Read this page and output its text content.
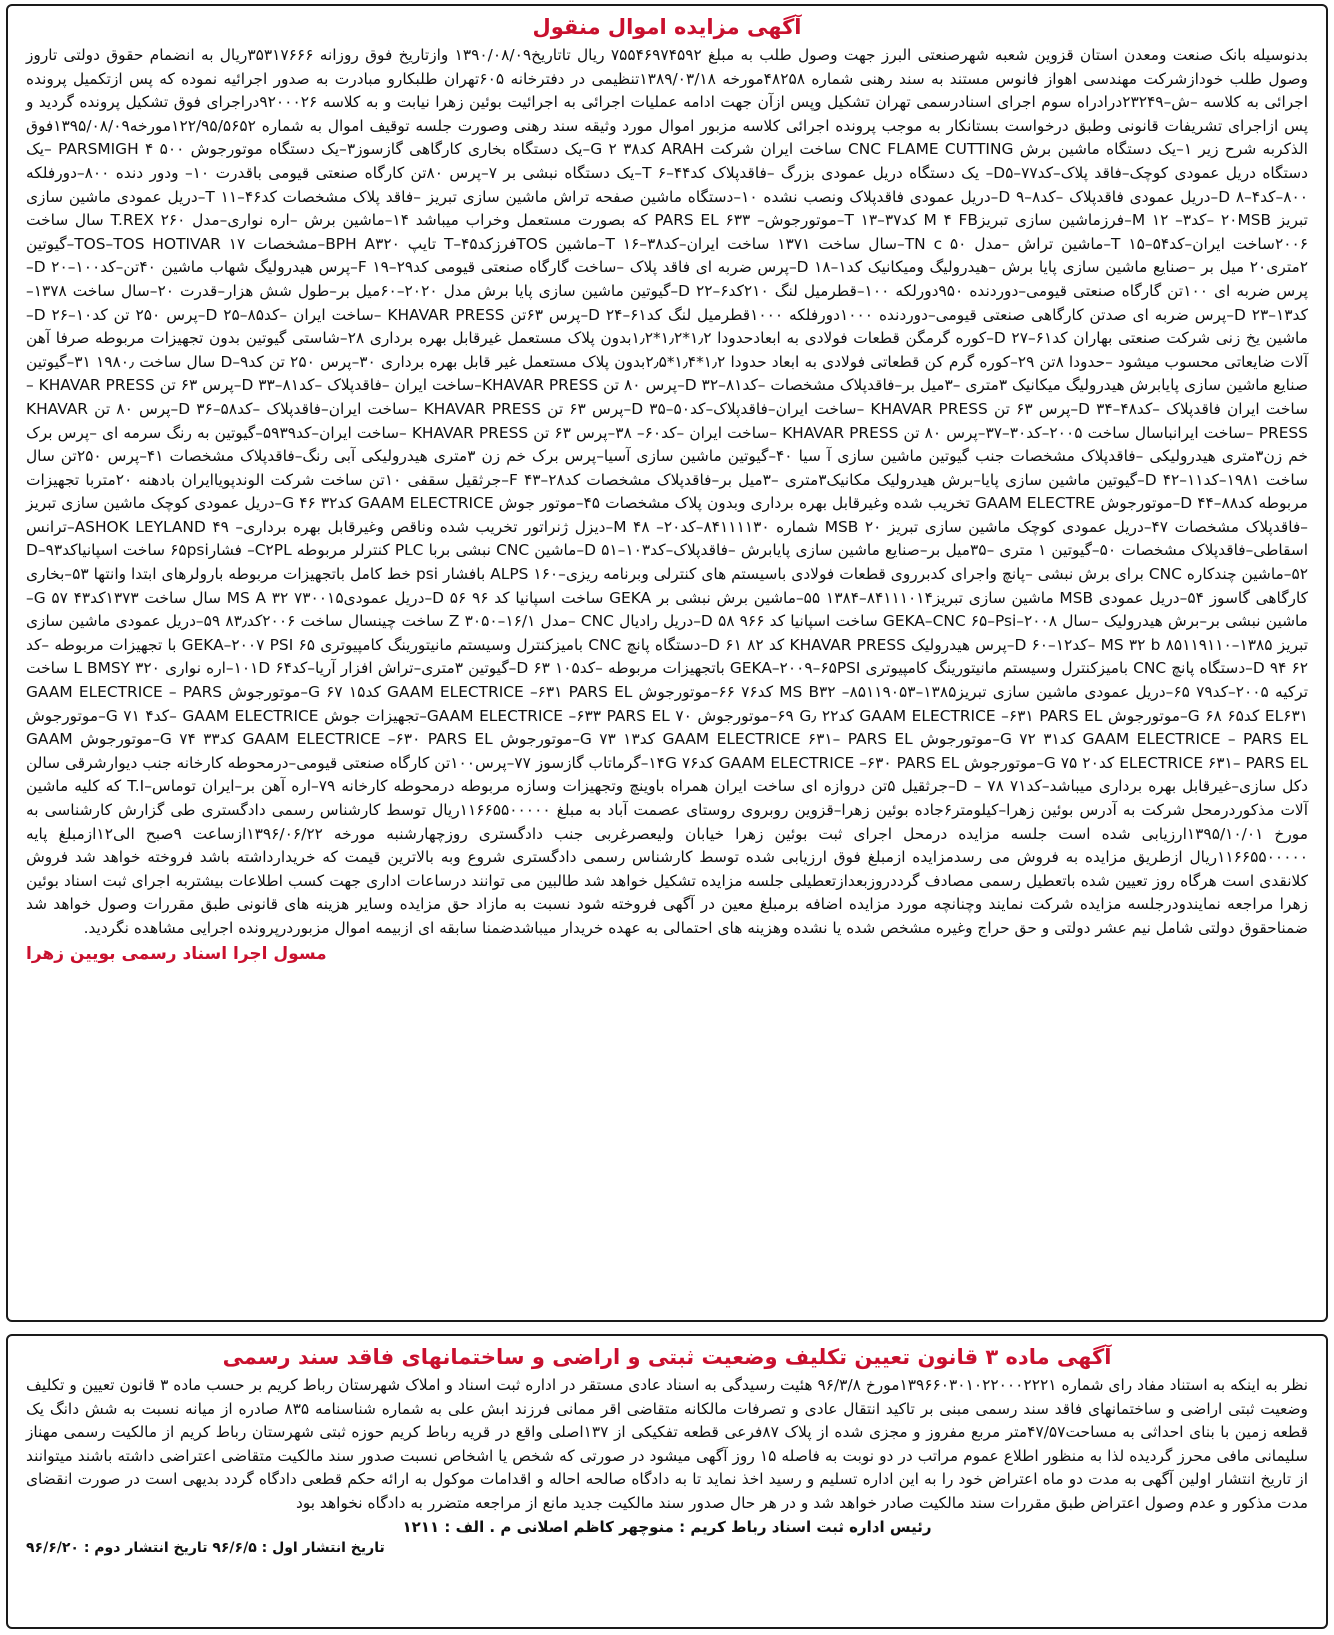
آگهی مزایده اموال منقول

بدنوسیله بانک صنعت ومعدن استان قزوین شعبه شهرصنعتی البرز جهت وصول طلب به مبلغ ۷۵۵۴۶۹۷۴۵۹۲ ریال تاتاریخ۱۳۹۰/۰۸/۰۹ وازتاریخ فوق روزانه ۳۵۳۱۷۶۶۶ریال به انضمام حقوق دولتی تاروز وصول طلب خودازشرکت مهندسی اهواز فانوس مستند به سند رهنی شماره ۴۸۲۵۸مورخه ۱۳۸۹/۰۳/۱۸تنظیمی در دفترخانه ۶۰۵تهران طلبکارو مبادرت به صدور اجرائیه نموده که پس ازتکمیل پرونده اجرائی به کلاسه –ش–۲۳۲۴۹درادراه سوم اجرای اسنادرسمی تهران تشکیل وپس ازآن جهت ادامه عملیات اجرائی به اجرائیت بوئین زهرا نیابت و به کلاسه ۹۲۰۰۰۲۶دراجرای فوق تشکیل پرونده گردید و پس ازاجرای تشریفات قانونی وطبق درخواست بستانکار به موجب پرونده اجرائی کلاسه مزبور اموال مورد وثیقه سند رهنی وصورت جلسه توقیف اموال به شماره ۱۲۲/۹۵/۵۶۵۲مورخه۱۳۹۵/۰۸/۰۹فوق الذکربه شرح زیر ۱–یک دستگاه ماشین برش CNC FLAME CUTTING ساخت ایران شرکت ARAH کد۳۸ G ۲–یک دستگاه بخاری کارگاهی گازسوز۳–یک دستگاه موتورجوش ۵۰۰ PARSMIGH ۴ –یک دستگاه دریل عمودی کوچک–فاقد پلاک–کد۷۷–D۵– یک دستگاه دریل عمودی بزرگ –فاقدپلاک کد۴۴–T ۶–یک دستگاه نبشی بر ۷–پرس ۸۰تن کارگاه صنعتی قیومی باقدرت ۱۰– ودور دنده ۸۰۰–دورفلکه ۸۰۰–کد۴–D ۸–دریل عمودی فاقدپلاک –کد۸–D ۹–دریل عمودی فاقدپلاک ونصب نشده ۱۰–دستگاه ماشین صفحه تراش ماشین سازی تبریز –فاقد پلاک مشخصات کد۴۶–T ۱۱–دریل عمودی ماشین سازی تبریز ۲۰MSB –کد۳– M ۱۲–فرزماشین سازی تبریزM ۴ FB کد۳۷–T ۱۳–موتورجوش– ۶۳۳ PARS EL که بصورت مستعمل وخراب میباشد ۱۴–ماشین برش –اره نواری–مدل ۲۶۰ T.REX سال ساخت ۲۰۰۶ساخت ایران–کد۵۴–T ۱۵–ماشین تراش –مدل TN c ۵۰–سال ساخت ۱۳۷۱ ساخت ایران–کد۳۸–T ۱۶–ماشین TOSفرزکد۴۵–T تایپ BPH A۳۲۰–مشخصات TOS–TOS HOTIVAR ۱۷–گیوتین ۲متری۲۰ میل بر –صنایع ماشین سازی پایا برش –هیدرولیگ ومیکانیک کد۱–D ۱۸–پرس ضربه ای فاقد پلاک –ساخت گارگاه صنعتی قیومی کد۲۹–F ۱۹–پرس هیدرولیگ شهاب ماشین ۴۰تن–کد۱۰۰–D ۲۰–پرس ضربه ای ۱۰۰تن گارگاه صنعتی قیومی–دوردنده ۹۵۰دورلکه ۱۰۰–قطرمیل لنگ ۲۱۰کد۶–D ۲۲–گیوتین ماشین سازی پایا برش مدل ۲۰۲۰–۶۰میل بر–طول شش هزار–قدرت ۲۰–سال ساخت ۱۳۷۸–کد۱۳–D ۲۳–پرس ضربه ای صدتن کارگاهی صنعتی قیومی–دوردنده ۱۰۰۰دورفلکه ۱۰۰۰قطرمیل لنگ کد۶۱–D ۲۴–پرس ۶۳تن KHAVAR PRESS –ساخت ایران –کد۸۵–D ۲۵–پرس ۲۵۰ تن کد۱۰–D ۲۶–ماشین یخ زنی شرکت صنعتی بهاران کد۶۱–D ۲۷–کوره گرمگن قطعات فولادی به ابعادحدودا ۱٫۲*۱٫۲*۱٫۲بدون پلاک مستعمل غیرقابل بهره برداری ۲۸–شاستی گیوتین بدون تجهیزات مربوطه صرفا آهن آلات ضایعاتی محسوب میشود –حدودا ۸تن ۲۹–کوره گرم کن قطعاتی فولادی به ابعاد حدودا ۱٫۲*۱٫۴*۲٫۵بدون پلاک مستعمل غیر قابل بهره برداری ۳۰–پرس ۲۵۰ تن کد۹–D سال ساخت ۱۹۸۰٫ ۳۱–گیوتین صنایع ماشین سازی پایابرش هیدرولیگ میکانیک ۳متری –۳میل بر–فاقدپلاک مشخصات –کد۸۱–D ۳۲–پرس ۸۰ تن KHAVAR PRESS–ساخت ایران –فاقدپلاک –کد۸۱–D ۳۳–پرس ۶۳ تن KHAVAR PRESS –ساخت ایران فاقدپلاک –کد۴۸–D ۳۴–پرس ۶۳ تن KHAVAR PRESS –ساخت ایران–فاقدپلاک–کد۵۰–D ۳۵–پرس ۶۳ تن KHAVAR PRESS –ساخت ایران–فاقدپلاک –کد۵۸–D ۳۶–پرس ۸۰ تن KHAVAR PRESS –ساخت ایرانباسال ساخت ۲۰۰۵–کد۳۰–۳۷–پرس ۸۰ تن KHAVAR PRESS –ساخت ایران –کد۶۰– ۳۸–پرس ۶۳ تن KHAVAR PRESS –ساخت ایران–کد۵۹۳۹–گیوتین به رنگ سرمه ای –پرس برک خم زن۳متری هیدرولیکی –فاقدپلاک مشخصات جنب گیوتین ماشین سازی آ سیا ۴۰–گیوتین ماشین سازی آسیا–پرس برک خم زن ۳متری هیدرولیکی آبی رنگ–فاقدپلاک مشخصات ۴۱–پرس ۲۵۰تن سال ساخت ۱۹۸۱–کد۱۱–D ۴۲–گیوتین ماشین سازی پایا–برش هیدرولیک مکانیک۳متری –۳میل بر–فاقدپلاک مشخصات کد۲۸–F ۴۳–جرثقیل سقفی ۱۰تن ساخت شرکت الوندپویاایران بادهنه ۲۰متربا تجهیزات مربوطه کد۸۸–D ۴۴–موتورجوش GAAM ELECTRE تخریب شده وغیرقابل بهره برداری وبدون پلاک مشخصات ۴۵–موتور جوش GAAM ELECTRICE کد۳۲ G ۴۶–دریل عمودی کوچک ماشین سازی تبریز –فاقدپلاک مشخصات ۴۷–دریل عمودی کوچک ماشین سازی تبریز ۲۰ MSB شماره ۸۴۱۱۱۱۳۰–کد۲۰– M ۴۸–دیزل ژنراتور تخریب شده وناقص وغیرقابل بهره برداری– ASHOK LEYLAND ۴۹–ترانس اسقاطی–فاقدپلاک مشخصات ۵۰–گیوتین ۱ متری –۳۵میل بر–صنایع ماشین سازی پایابرش –فاقدپلاک–کد۱۰۳–D ۵۱–ماشین CNC نبشی بربا PLC کنترلر مربوطه C۲PL– فشار۶۵psi ساخت اسپانیاکد۹۳–D ۵۲–ماشین چندکاره CNC برای برش نبشی –پانچ واجرای کدبرروی قطعات فولادی باسیستم های کنترلی وبرنامه ریزی–۱۶۰ ALPS بافشار psi خط کامل باتجهیزات مربوطه بارولرهای ابتدا وانتها ۵۳–بخاری کارگاهی گاسوز ۵۴–دریل عمودی MSB ماشین سازی تبریز۸۴۱۱۱۰۱۴–۱۳۸۴ ۵۵–ماشین برش نبشی بر GEKA ساخت اسپانیا کد ۹۶ D ۵۶–دریل عمودی۷۳۰۰۱۵ MS A ۳۲ سال ساخت ۱۳۷۳کد۴۳ G ۵۷–ماشین نبشی بر–برش هیدرولیک –سال ۲۰۰۸–GEKA–CNC ۶۵–Psi ساخت اسپانیا کد ۹۶۶ D ۵۸–دریل رادیال CNC –مدل ۱۶/۱–۳۰۵۰ Z ساخت چینسال ساخت ۲۰۰۶کد۸۳٫ ۵۹–دریل عمودی ماشین سازی تبریز ۱۳۸۵–۸۵۱۱۹۱۱۰ MS ۳۲ b –کد۱۲–D ۶۰–پرس هیدرولیک KHAVAR PRESS کد ۸۲ D ۶۱–دستگاه پانچ CNC بامیزکنترل وسیستم مانیتورینگ کامپیوتری GEKA–۲۰۰۷ PSI ۶۵ با تجهیزات مربوطه –کد D ۹۴ ۶۲–دستگاه پانچ CNC بامیزکنترل وسیستم مانیتورینگ کامپیوتری GEKA–۲۰۰۹–۶۵PSI باتجهیزات مربوطه –کد۱۰۵ D ۶۳–گیوتین ۳متری–تراش افزار آریا–کد۱۰۱D ۶۴–اره نواری ۳۲۰ L BMSY ساخت ترکیه ۲۰۰۵–کد۷۹ ۶۵–دریل عمودی ماشین سازی تبریز۱۳۸۵–۸۵۱۱۹۰۵۳– MS B۳۲ کد۷۶ ۶۶–موتورجوش GAAM ELECTRICE –۶۳۱ PARS EL کد۱۵ G ۶۷–موتورجوش GAAM ELECTRICE – PARS EL۶۳۱ کد۶۵ G ۶۸–موتورجوش GAAM ELECTRICE –۶۳۱ PARS EL کد۲۲ G٫ ۶۹–موتورجوش GAAM ELECTRICE –۶۳۳ PARS EL ۷۰–تجهیزات جوش GAAM ELECTRICE –کد۴ G ۷۱–موتورجوش GAAM ELECTRICE – PARS EL کد۳۱ G ۷۲–موتورجوش GAAM ELECTRICE ۶۳۱– PARS EL کد۱۳ G ۷۳–موتورجوش GAAM ELECTRICE –۶۳۰ PARS EL کد۳۳ G ۷۴–موتورجوش GAAM ELECTRICE ۶۳۱– PARS EL کد۲۰ G ۷۵–موتورجوش GAAM ELECTRICE –۶۳۰ PARS EL کد۱۴G ۷۶–گرماتاب گازسوز ۷۷–پرس۱۰۰تن کارگاه صنعتی قیومی–درمحوطه کارخانه جنب دیوارشرقی سالن دکل سازی–غیرقابل بهره برداری میباشد–کد۷۱ D – ۷۸–جرثقیل ۵تن دروازه ای ساخت ایران همراه باوینچ وتجهیزات وسازه مربوطه درمحوطه کارخانه ۷۹–اره آهن بر–ایران توماس–T.I که کلیه ماشین آلات مذکوردرمحل شرکت به آدرس بوئین زهرا–کیلومتر۶جاده بوئین زهرا–قزوین روبروی روستای عصمت آباد به مبلغ ۱۱۶۶۵۵۰۰۰۰۰ریال توسط کارشناس رسمی دادگستری طی گزارش کارشناسی به مورخ ۱۳۹۵/۱۰/۰۱ارزیابی شده است جلسه مزایده درمحل اجرای ثبت بوئین زهرا خیابان ولیعصرغربی جنب دادگستری روزچهارشنبه مورخه ۱۳۹۶/۰۶/۲۲ازساعت ۹صبح الی۱۲ازمبلغ پایه ۱۱۶۶۵۵۰۰۰۰۰ریال ازطریق مزایده به فروش می رسدمزایده ازمبلغ فوق ارزیابی شده توسط کارشناس رسمی دادگستری شروع وبه بالاترین قیمت که خریدارداشته باشد فروخته خواهد شد فروش کلانقدی است هرگاه روز تعیین شده باتعطیل رسمی مصادف گرددروزبعدازتعطیلی جلسه مزایده تشکیل خواهد شد طالبین می توانند درساعات اداری جهت کسب اطلاعات بیشتربه اجرای ثبت اسناد بوئین زهرا مراجعه نمایندودرجلسه مزایده شرکت نمایند وچنانچه مورد مزایده اضافه برمبلغ معین در آگهی فروخته شود نسبت به مازاد حق مزایده وسایر هزینه های قانونی طبق مقررات وصول خواهد شد ضمناحقوق دولتی شامل نیم عشر دولتی و حق حراج وغیره مشخص شده یا نشده وهزینه های احتمالی به عهده خریدار میباشدضمنا سابقه ای ازبیمه اموال مزبوردرپرونده اجرایی مشاهده نگردید.

مسول اجرا اسناد رسمی بویین زهرا
آگهی ماده ۳ قانون تعیین تکلیف وضعیت ثبتی و اراضی و ساختمانهای فاقد سند رسمی

نظر به اینکه به استناد مفاد رای شماره ۱۳۹۶۶۰۳۰۱۰۲۲۰۰۰۲۲۲۱مورخ ۹۶/۳/۸ هئیت رسیدگی به اسناد عادی مستقر در اداره ثبت اسناد و املاک شهرستان رباط کریم بر حسب ماده ۳ قانون تعیین و تکلیف وضعیت ثبتی اراضی و ساختمانهای فاقد سند رسمی مبنی بر تاکید انتقال عادی و تصرفات مالکانه متقاضی اقر ممانی فرزند ابش علی به شماره شناسنامه ۸۳۵ صادره از میانه نسبت به شش دانگ یک قطعه زمین با بنای احداثی به مساحت۴۷/۵۷متر مربع مفروز و مجزی شده از پلاک ۸۷فرعی قطعه تفکیکی از ۱۳۷اصلی واقع در قریه رباط کریم حوزه ثبتی شهرستان رباط کریم از مالکیت رسمی مهناز سلیمانی مافی محرز گردیده لذا به منظور اطلاع عموم مراتب در دو نوبت به فاصله ۱۵ روز آگهی میشود در صورتی که شخص یا اشخاص نسبت صدور سند مالکیت متقاضی اعتراضی داشته باشند میتوانند از تاریخ انتشار اولین آگهی به مدت دو ماه اعتراض خود را به این اداره تسلیم و رسید اخذ نماید تا به دادگاه صالحه احاله و اقدامات موکول به ارائه حکم قطعی دادگاه گردد بدیهی است در صورت انقضای مدت مذکور و عدم وصول اعتراض طبق مقررات سند مالکیت صادر خواهد شد و در هر حال صدور سند مالکیت جدید مانع از مراجعه متضرر به دادگاه نخواهد بود

رئیس اداره ثبت اسناد رباط کریم : منوچهر کاظم اصلانی م . الف : ۱۲۱۱
تاریخ انتشار اول : ۹۶/۶/۵ تاریخ انتشار دوم : ۹۶/۶/۲۰
